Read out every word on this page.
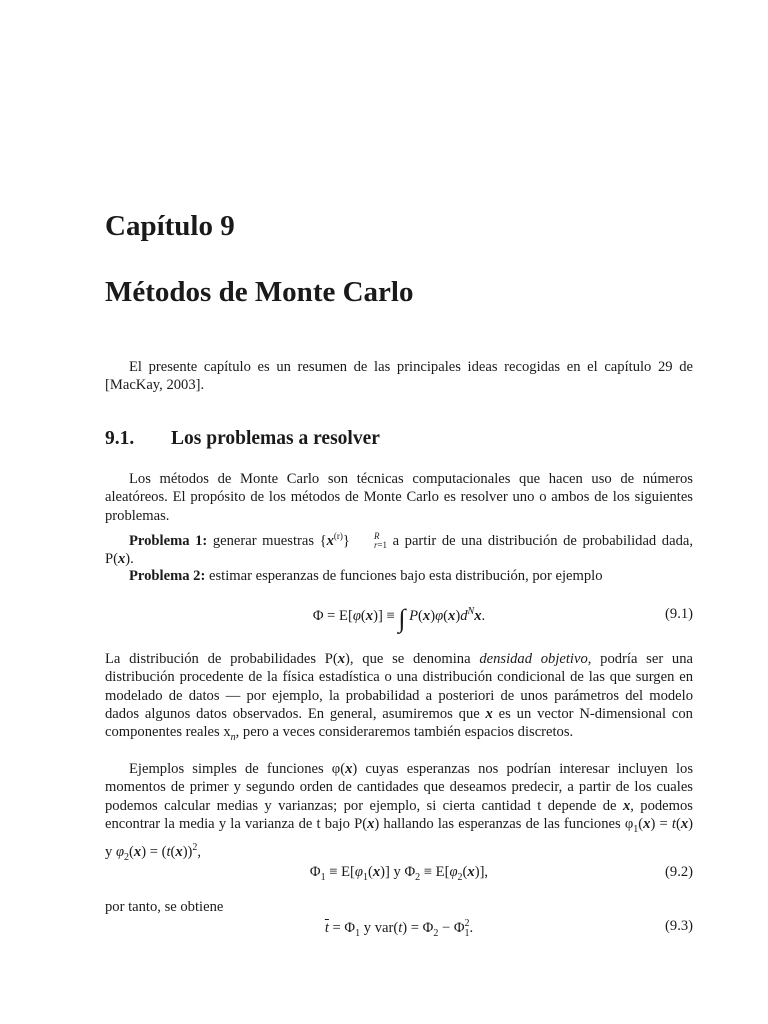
Capítulo 9
Métodos de Monte Carlo

El presente capítulo es un resumen de las principales ideas recogidas en el capítulo 29 de [MacKay, 2003].

9.1. Los problemas a resolver

Los métodos de Monte Carlo son técnicas computacionales que hacen uso de números aleatóreos. El propósito de los métodos de Monte Carlo es resolver uno o ambos de los siguientes problemas.

Problema 1: generar muestras $\{x^{(r)}\}$	R
r=1 a partir de una distribución de probabilidad dada, P(x).

Problema 2: estimar esperanzas de funciones bajo esta distribución, por ejemplo

Φ = E[φ(x)] ≡ ∫ $P(x)\varphi(x)d^Nx$.	(9.1)

La distribución de probabilidades P(x), que se denomina densidad objetivo, podría ser una distribución procedente de la física estadística o una distribución condicional de las que surgen en modelado de datos — por ejemplo, la probabilidad a posteriori de unos parámetros del modelo dados algunos datos observados. En general, asumiremos que x es un vector N-dimensional con componentes reales $x_n$, pero a veces consideraremos también espacios discretos.

Ejemplos simples de funciones φ(x) cuyas esperanzas nos podrían interesar incluyen los momentos de primer y segundo orden de cantidades que deseamos predecir, a partir de los cuales podemos calcular medias y varianzas; por ejemplo, si cierta cantidad t depende de x, podemos encontrar la media y la varianza de t bajo P(x) hallando las esperanzas de las funciones $\varphi_1(x) = t(x)$ y $\varphi_2(x) = (t(x))^2$,

$\Phi_1 \equiv E[\varphi_1(x)]$ y $\Phi_2 \equiv E[\varphi_2(x)]$,	(9.2)

por tanto, se obtiene

$\overline{t} = \Phi_1$ y $var(t) = \Phi_2 - \Phi_1^2$.	(9.3)
